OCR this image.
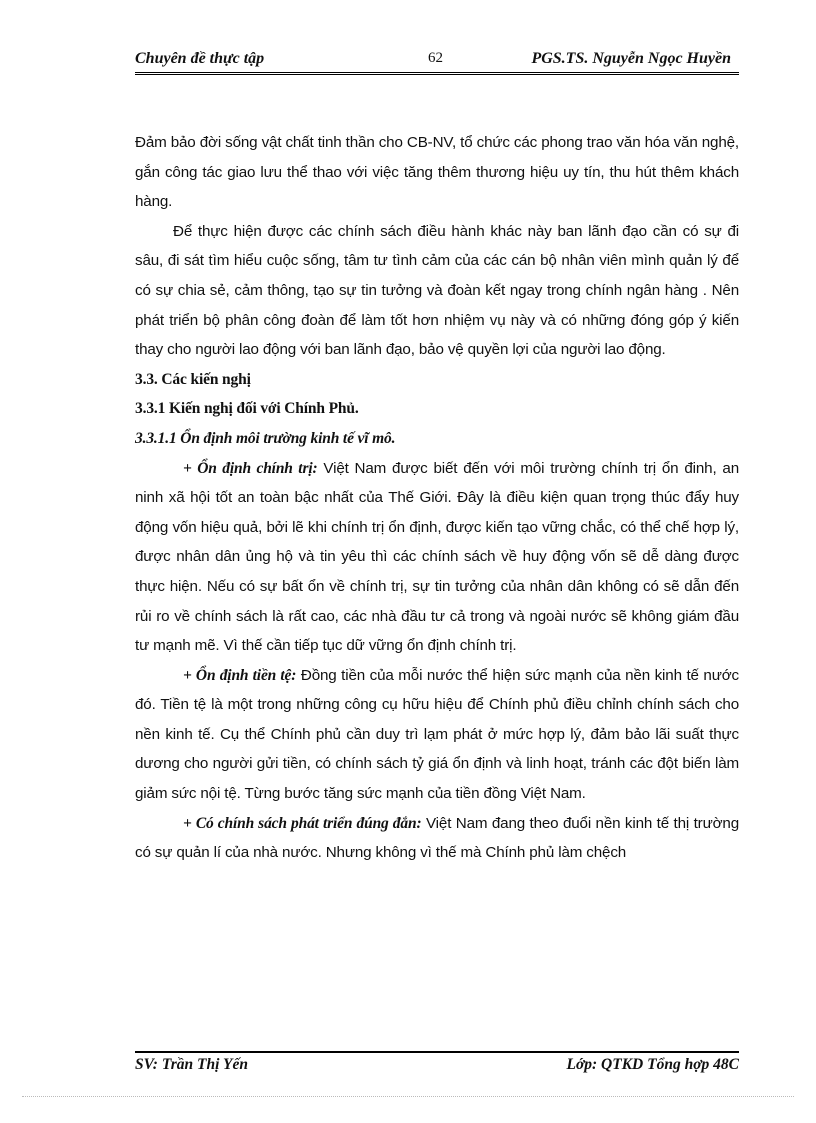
Chuyên đề thực tập	62	PGS.TS. Nguyễn Ngọc Huyền

Đảm bảo đời sống vật chất tinh thần cho CB-NV, tổ chức các phong trao văn hóa văn nghệ, gắn công tác giao lưu thể thao với việc tăng thêm thương hiệu uy tín, thu hút thêm khách hàng.

Để thực hiện được các chính sách điều hành khác này ban lãnh đạo cần có sự đi sâu, đi sát tìm hiểu cuộc sống, tâm tư tình cảm của các cán bộ nhân viên mình quản lý để có sự chia sẻ, cảm thông, tạo sự tin tưởng và đoàn kết ngay trong chính ngân hàng . Nên phát triển bộ phân công đoàn để làm tốt hơn nhiệm vụ này và có những đóng góp ý kiến thay cho người lao động với ban lãnh đạo, bảo vệ quyền lợi của người lao động.

3.3. Các kiến nghị

3.3.1 Kiến nghị đối với Chính Phủ.

3.3.1.1 Ổn định môi trường kinh tế vĩ mô.

+ Ổn định chính trị: Việt Nam được biết đến với môi trường chính trị ổn đinh, an ninh xã hội tốt an toàn bậc nhất của Thế Giới. Đây là điều kiện quan trọng thúc đẩy huy động vốn hiệu quả, bởi lẽ khi chính trị ổn định, được kiến tạo vững chắc, có thể chế hợp lý, được nhân dân ủng hộ và tin yêu thì các chính sách về huy động vốn sẽ dễ dàng được thực hiện. Nếu có sự bất ổn về chính trị, sự tin tưởng của nhân dân không có sẽ dẫn đến rủi ro về chính sách là rất cao, các nhà đầu tư cả trong và ngoài nước sẽ không giám đầu tư mạnh mẽ. Vì thế cần tiếp tục dữ vững ổn định chính trị.

+ Ổn định tiền tệ: Đồng tiền của mỗi nước thể hiện sức mạnh của nền kinh tế nước đó. Tiền tệ là một trong những công cụ hữu hiệu để Chính phủ điều chỉnh chính sách cho nền kinh tế. Cụ thể Chính phủ cần duy trì lạm phát ở mức hợp lý, đảm bảo lãi suất thực dương cho người gửi tiền, có chính sách tỷ giá ổn định và linh hoạt, tránh các đột biến làm giảm sức nội tệ. Từng bước tăng sức mạnh của tiền đồng Việt Nam.

+ Có chính sách phát triển đúng đắn: Việt Nam đang theo đuổi nền kinh tế thị trường có sự quản lí của nhà nước. Nhưng không vì thế mà Chính phủ làm chệch

SV: Trần Thị Yến	Lớp: QTKD Tổng hợp 48C
